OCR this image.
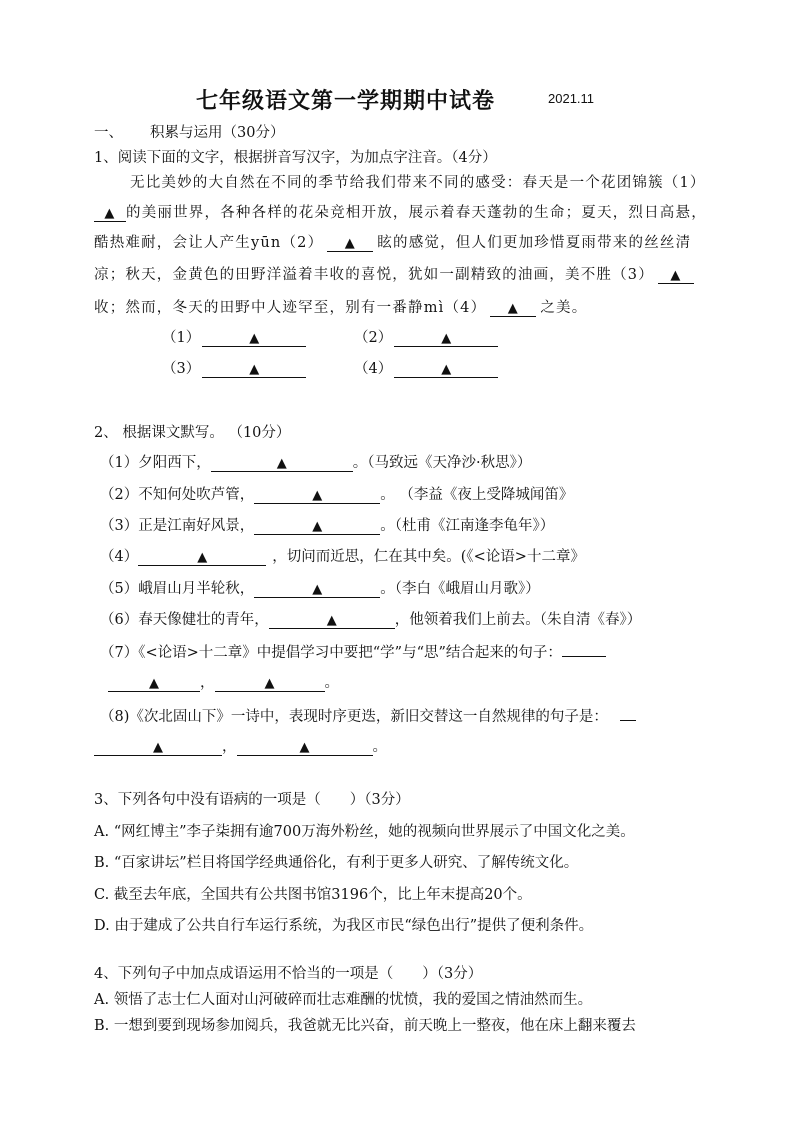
七年级语文第一学期期中试卷	2021.11
一、 积累与运用（30分）
1、阅读下面的文字，根据拼音写汉字，为加点字注音。（4分）
无比美妙的大自然在不同的季节给我们带来不同的感受：春天是一个花团锦簇（1）
▲ 的美丽世界，各种各样的花朵竞相开放，展示着春天蓬勃的生命；夏天，烈日高悬，
酷热难耐，会让人产生yūn（2） ▲ 眩的感觉，但人们更加珍惜夏雨带来的丝丝清
凉；秋天，金黄色的田野洋溢着丰收的喜悦，犹如一副精致的油画，美不胜（3） ▲
收；然而，冬天的田野中人迹罕至，别有一番静mì（4） ▲ 之美。
（1）	▲	（2）	▲
（3）	▲	（4）	▲
2、 根据课文默写。 （10分）
（1）夕阳西下，	▲	。（马致远《天净沙·秋思》）
（2）不知何处吹芦管，	▲	。 （李益《夜上受降城闻笛》
（3）正是江南好风景，	▲	。（杜甫《江南逢李龟年》）
（4）	▲	，切问而近思，仁在其中矣。(《<论语>十二章》
（5）峨眉山月半轮秋，	▲	。（李白《峨眉山月歌》）
（6）春天像健壮的青年，	▲	，他领着我们上前去。（朱自清《春》）
（7）《<论语>十二章》中提倡学习中要把“学”与“思”结合起来的句子：
▲	，	▲	。
（8)《次北固山下》一诗中，表现时序更迭，新旧交替这一自然规律的句子是：
▲	，	▲	。
3、下列各句中没有语病的一项是（　　）（3分）
A. “网红博主”李子柒拥有逾700万海外粉丝，她的视频向世界展示了中国文化之美。
B. “百家讲坛”栏目将国学经典通俗化，有利于更多人研究、了解传统文化。
C. 截至去年底，全国共有公共图书馆3196个，比上年末提高20个。
D. 由于建成了公共自行车运行系统，为我区市民“绿色出行”提供了便利条件。
4、下列句子中加点成语运用不恰当的一项是（　　）（3分）
A. 领悟了志士仁人面对山河破碎而壮志难酬的忧愤，我的爱国之情油然而生。
B. 一想到要到现场参加阅兵，我爸就无比兴奋，前天晚上一整夜，他在床上翻来覆去
